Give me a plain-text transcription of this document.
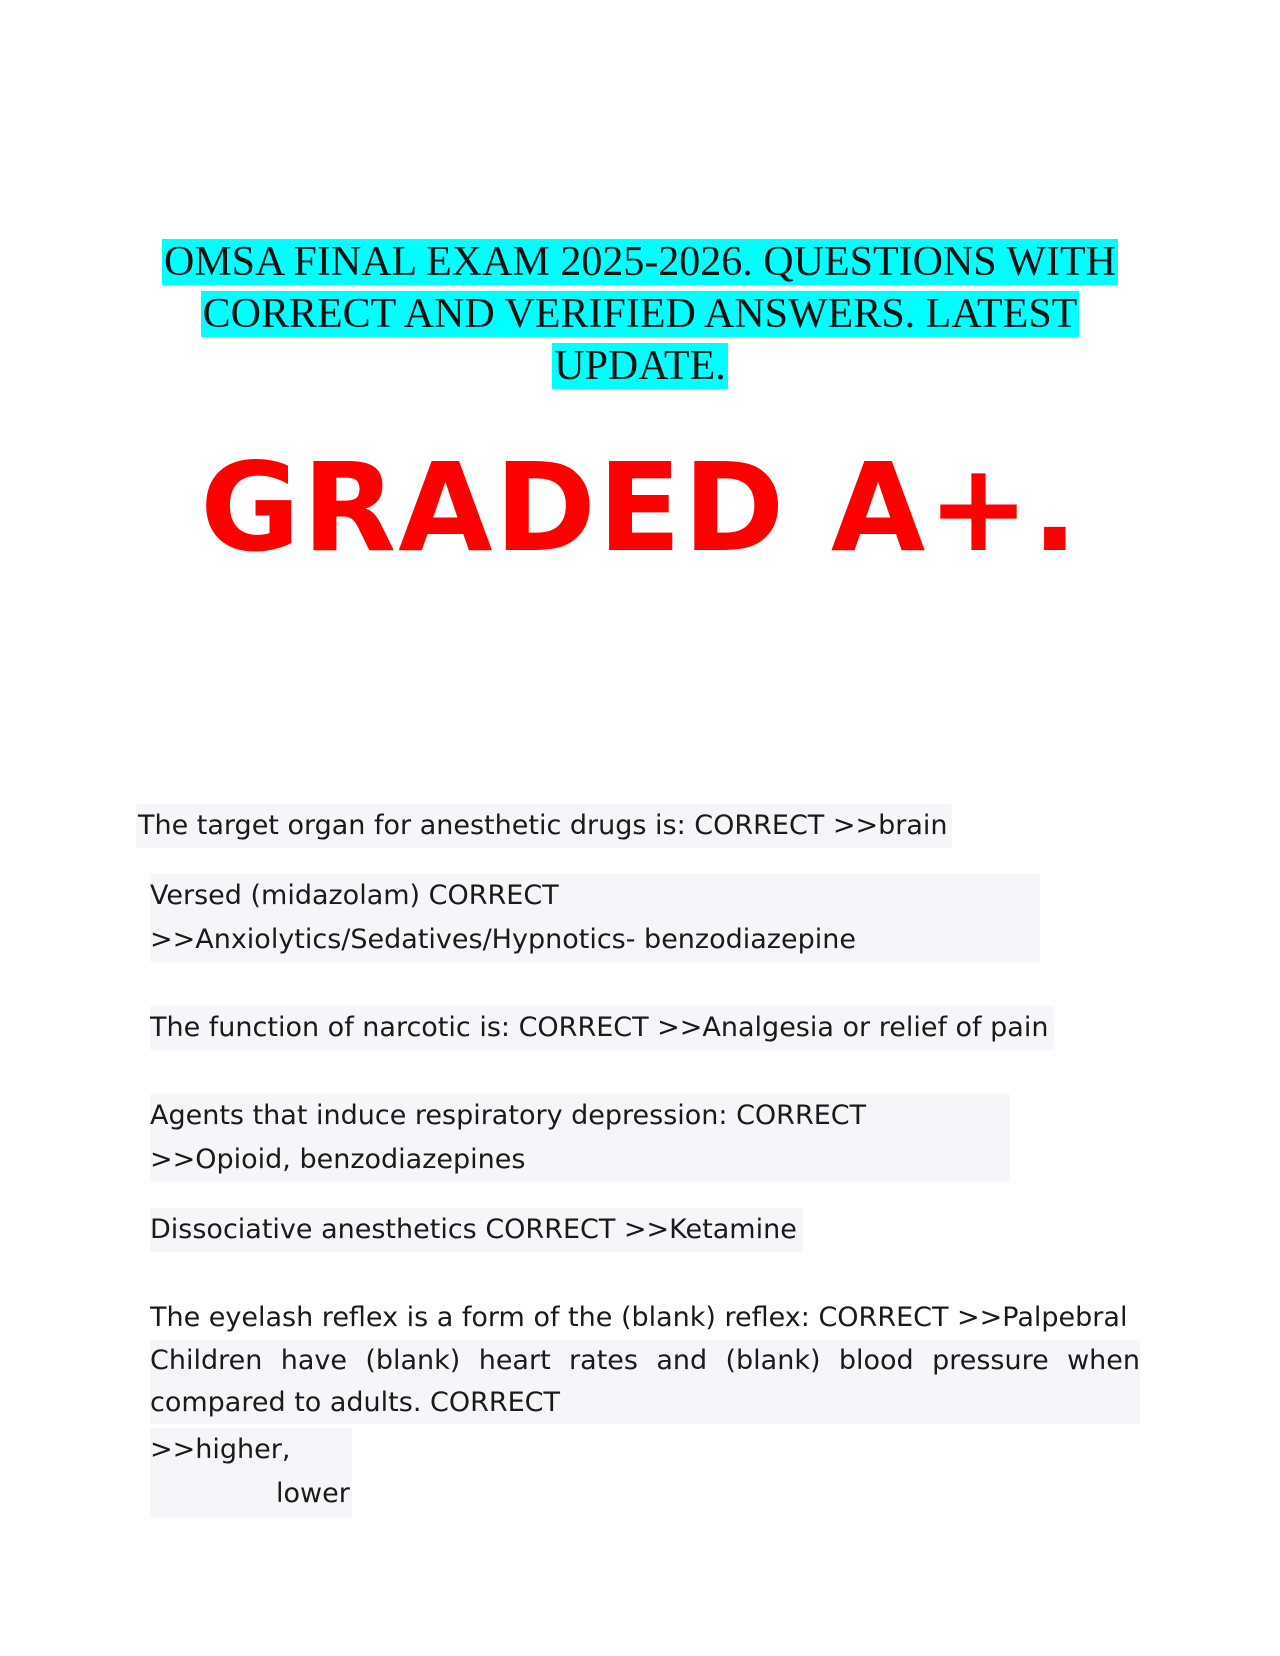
OMSA FINAL EXAM 2025-2026. QUESTIONS WITH
CORRECT AND VERIFIED ANSWERS. LATEST
UPDATE.
GRADED A+.
The target organ for anesthetic drugs is: CORRECT >>brain
Versed (midazolam) CORRECT >>Anxiolytics/Sedatives/Hypnotics- benzodiazepine
The function of narcotic is: CORRECT >>Analgesia or relief of pain
Agents that induce respiratory depression: CORRECT >>Opioid, benzodiazepines
Dissociative anesthetics CORRECT >>Ketamine
The eyelash reflex is a form of the (blank) reflex: CORRECT >>Palpebral
Children have (blank) heart rates and (blank) blood pressure when compared to adults. CORRECT
>>higher,
lower
